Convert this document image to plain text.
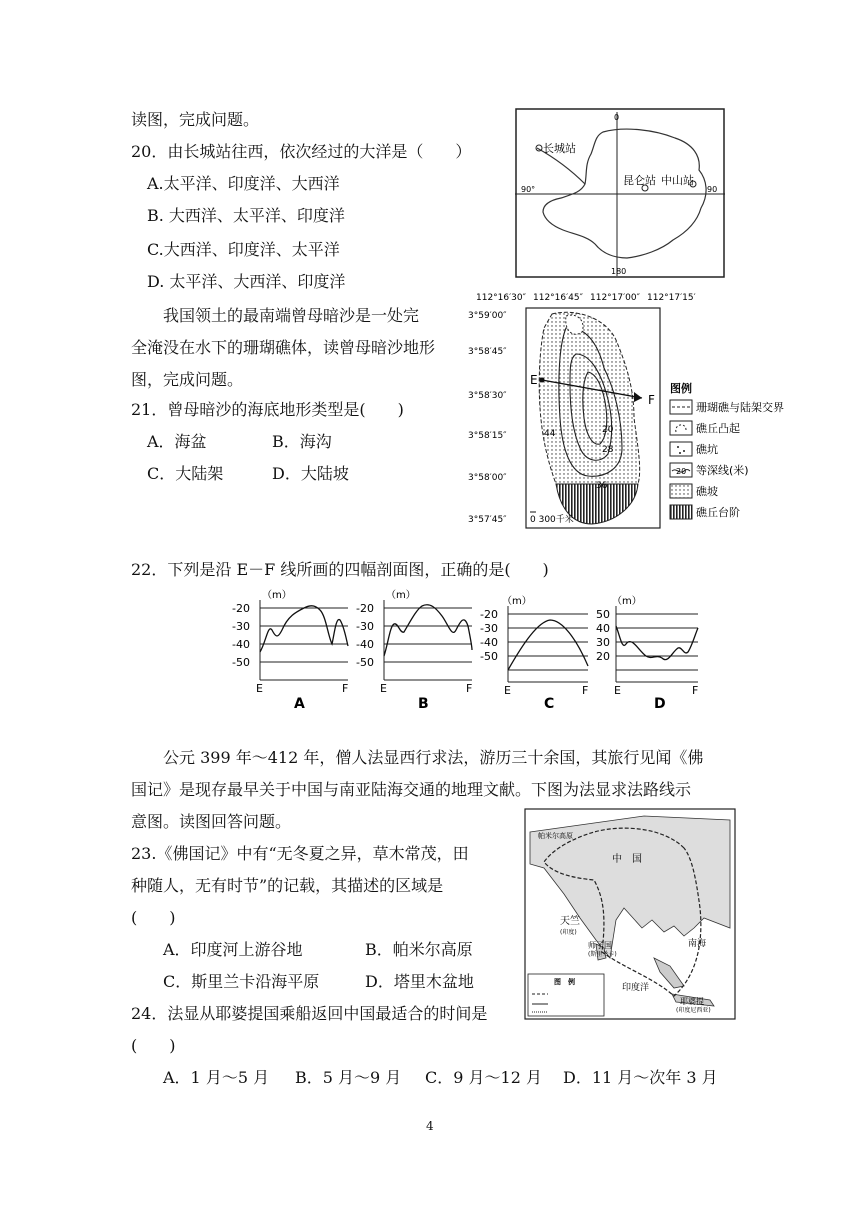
读图，完成问题。
20．由长城站往西，依次经过的大洋是（　　）
A.太平洋、印度洋、大西洋
B. 大西洋、太平洋、印度洋
C.大西洋、印度洋、太平洋
D. 太平洋、大西洋、印度洋
长城站
昆仑站 中山站
0
90°	90
180
我国领土的最南端曾母暗沙是一处完
全淹没在水下的珊瑚礁体，读曾母暗沙地形
图，完成问题。
21．曾母暗沙的海底地形类型是(　　)
A．海盆	B．海沟
C．大陆架	D．大陆坡
112°16′30″ 112°16′45″ 112°17′00″ 112°17′15′
3°59′00″
3°58′45″
3°58′30″
3°58′15″
3°58′00″
3°57′45″
E
F
20
28
36
44
0 300千米
图例
珊瑚礁与陆架交界
礁丘凸起
礁坑
20 等深线(米)
礁坡
礁丘台阶
22．下列是沿 E－F 线所画的四幅剖面图，正确的是(　　)
（m）
-20
-30
-40
-50
E	F
A
（m）
-20
-30
-40
-50
E	F
B
（m）
-20
-30
-40
-50
E	F
C
（m）
50
40
30
20
E	F
D
公元 399 年～412 年，僧人法显西行求法，游历三十余国，其旅行见闻《佛
国记》是现存最早关于中国与南亚陆海交通的地理文献。下图为法显求法路线示
意图。读图回答问题。
帕米尔高原
中　国
天竺
(印度)
师子国
(斯里兰卡)
印度洋
南海
耶婆提
(印度尼西亚)
图　例
23.《佛国记》中有“无冬夏之异，草木常茂，田
种随人，无有时节”的记载，其描述的区域是
(　　)
A．印度河上游谷地	B．帕米尔高原
C．斯里兰卡沿海平原	D．塔里木盆地
24．法显从耶婆提国乘船返回中国最适合的时间是
(　　)
A．1 月～5 月 B．5 月～9 月 C．9 月～12 月 D．11 月～次年 3 月
4
